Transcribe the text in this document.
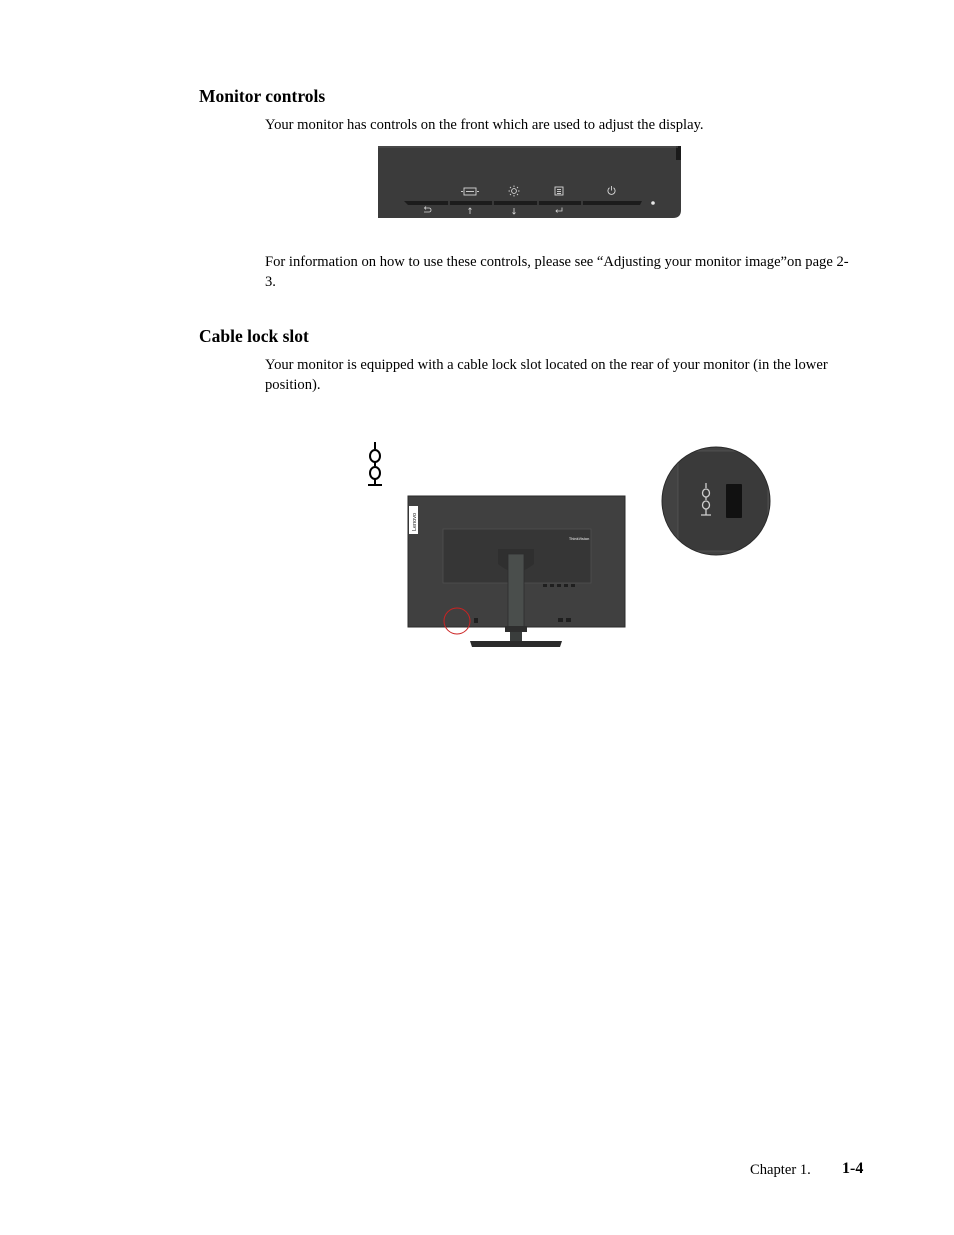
Monitor controls

Your monitor has controls on the front which are used to adjust the display.

For information on how to use these controls, please see “Adjusting your monitor image”on page 2-3.

Cable lock slot

Your monitor is equipped with a cable lock slot located on the rear of your monitor (in the lower position).

Lenovo
ThinkVision
Chapter 1. 1-4
